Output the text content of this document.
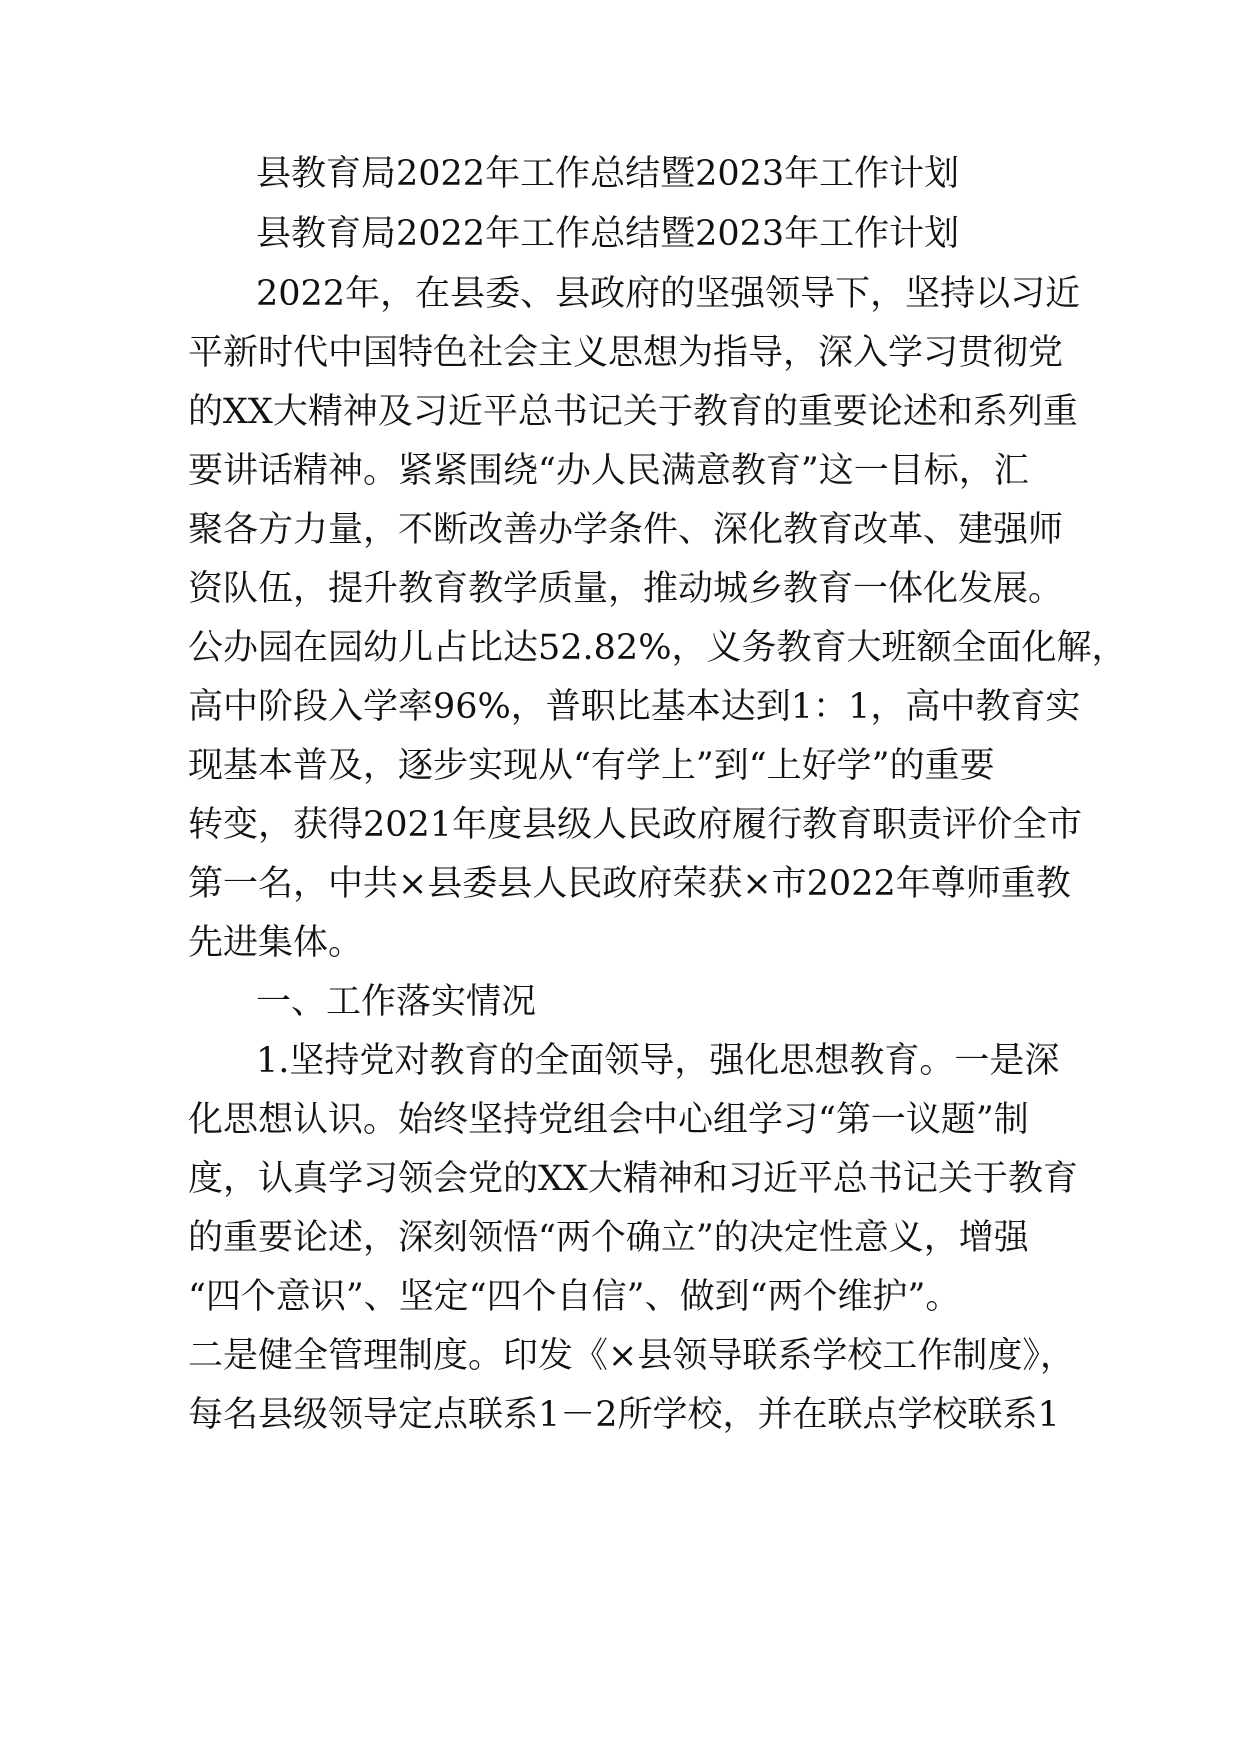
县教育局2022年工作总结暨2023年工作计划
县教育局2022年工作总结暨2023年工作计划
2022年，在县委、县政府的坚强领导下，坚持以习近
平新时代中国特色社会主义思想为指导，深入学习贯彻党
的XX大精神及习近平总书记关于教育的重要论述和系列重
要讲话精神。紧紧围绕“办人民满意教育”这一目标，汇
聚各方力量，不断改善办学条件、深化教育改革、建强师
资队伍，提升教育教学质量，推动城乡教育一体化发展。
公办园在园幼儿占比达52.82%，义务教育大班额全面化解，
高中阶段入学率96%，普职比基本达到1：1，高中教育实
现基本普及，逐步实现从“有学上”到“上好学”的重要
转变，获得2021年度县级人民政府履行教育职责评价全市
第一名，中共×县委县人民政府荣获×市2022年尊师重教
先进集体。
一、工作落实情况
1.坚持党对教育的全面领导，强化思想教育。一是深
化思想认识。始终坚持党组会中心组学习“第一议题”制
度，认真学习领会党的XX大精神和习近平总书记关于教育
的重要论述，深刻领悟“两个确立”的决定性意义，增强
“四个意识”、坚定“四个自信”、做到“两个维护”。
二是健全管理制度。印发《×县领导联系学校工作制度》，
每名县级领导定点联系1－2所学校，并在联点学校联系1
